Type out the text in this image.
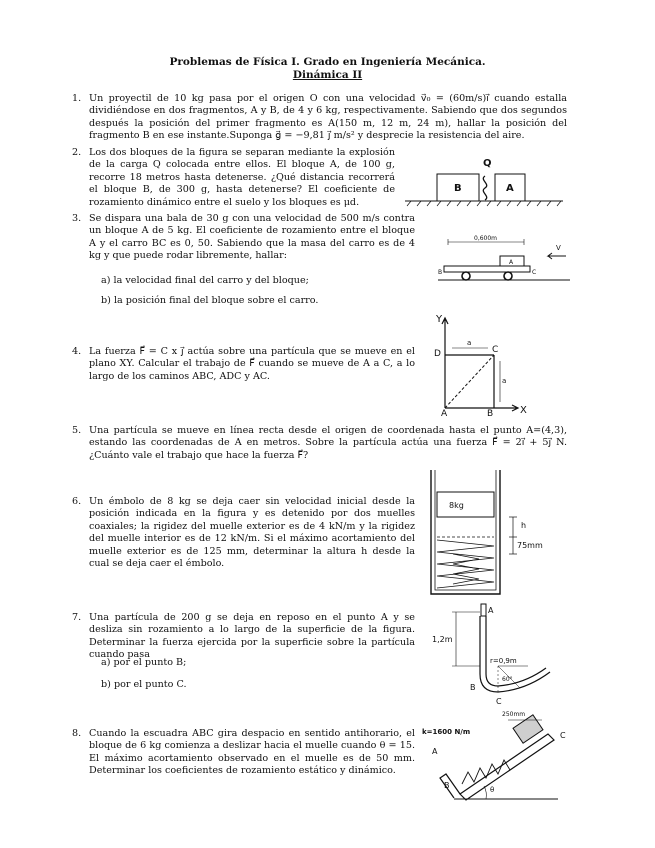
Problemas de Física I. Grado en Ingeniería Mecánica.
Dinámica II
1. Un proyectil de 10 kg pasa por el origen O con una velocidad v⃗₀ = (60m/s)i⃗ cuando estalla dividiéndose en dos fragmentos, A y B, de 4 y 6 kg, respectivamente. Sabiendo que dos segundos después la posición del primer fragmento es A(150 m, 12 m, 24 m), hallar la posición del fragmento B en ese instante.Suponga g⃗ = −9,81 j⃗ m/s² y desprecie la resistencia del aire.
2. Los dos bloques de la figura se separan mediante la explosión de la carga Q colocada entre ellos. El bloque A, de 100 g, recorre 18 metros hasta detenerse. ¿Qué distancia recorrerá el bloque B, de 300 g, hasta detenerse? El coeficiente de rozamiento dinámico entre el suelo y los bloques es μd.
Q
B	A
3. Se dispara una bala de 30 g con una velocidad de 500 m/s contra un bloque A de 5 kg. El coeficiente de rozamiento entre el bloque A y el carro BC es 0, 50. Sabiendo que la masa del carro es de 4 kg y que puede rodar libremente, hallar:
a) la velocidad final del carro y del bloque;
b) la posición final del bloque sobre el carro.
0,600m
B	C
A
V
4. La fuerza F⃗ = C x j⃗ actúa sobre una partícula que se mueve en el plano XY. Calcular el trabajo de F⃗ cuando se mueve de A a C, a lo largo de los caminos ABC, ADC y AC.
Y
X
D	C
A	B
a
a
5. Una partícula se mueve en línea recta desde el origen de coordenada hasta el punto A=(4,3), estando las coordenadas de A en metros. Sobre la partícula actúa una fuerza F⃗ = 2i⃗ + 5j⃗ N. ¿Cuánto vale el trabajo que hace la fuerza F⃗?
6. Un émbolo de 8 kg se deja caer sin velocidad inicial desde la posición indicada en la figura y es detenido por dos muelles coaxiales; la rigidez del muelle exterior es de 4 kN/m y la rigidez del muelle interior es de 12 kN/m. Si el máximo acortamiento del muelle exterior es de 125 mm, determinar la altura h desde la cual se deja caer el émbolo.
8kg
h
75mm
7. Una partícula de 200 g se deja en reposo en el punto A y se desliza sin rozamiento a lo largo de la superficie de la figura. Determinar la fuerza ejercida por la superficie sobre la partícula cuando pasa
a) por el punto B;
b) por el punto C.
A
1,2m
r=0,9m
60°
B
C
8. Cuando la escuadra ABC gira despacio en sentido antihorario, el bloque de 6 kg comienza a deslizar hacia el muelle cuando θ = 15. El máximo acortamiento observado en el muelle es de 50 mm. Determinar los coeficientes de rozamiento estático y dinámico.
250mm
k=1600 N/m
A
B
C
θ
